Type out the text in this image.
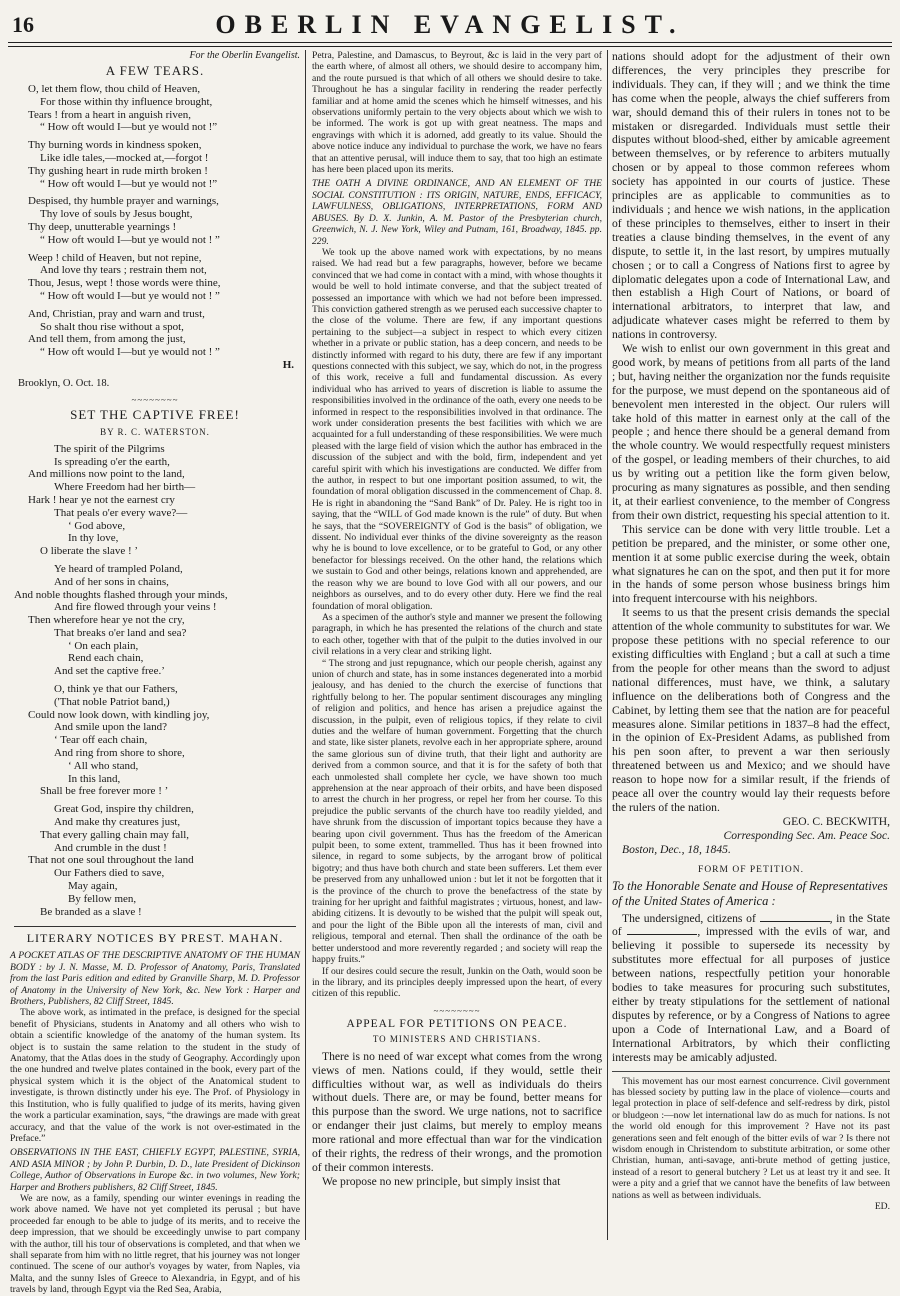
16	OBERLIN EVANGELIST.

For the Oberlin Evangelist.

A FEW TEARS.
O, let them flow, thou child of Heaven,
For those within thy influence brought,
Tears ! from a heart in anguish riven,
“ How oft would I—but ye would not !”
Thy burning words in kindness spoken,
Like idle tales,—mocked at,—forgot !
Thy gushing heart in rude mirth broken !
“ How oft would I—but ye would not !”
Despised, thy humble prayer and warnings,
Thy love of souls by Jesus bought,
Thy deep, unutterable yearnings !
“ How oft would I—but ye would not ! ”
Weep ! child of Heaven, but not repine,
And love thy tears ; restrain them not,
Thou, Jesus, wept ! those words were thine,
“ How oft would I—but ye would not ! ”
And, Christian, pray and warn and trust,
So shalt thou rise without a spot,
And tell them, from among the just,
“ How oft would I—but ye would not ! ”
H.

Brooklyn, O. Oct. 18.

~~~~~~~~
SET THE CAPTIVE FREE!
BY R. C. WATERSTON.
The spirit of the Pilgrims
Is spreading o'er the earth,
And millions now point to the land,
Where Freedom had her birth—
Hark ! hear ye not the earnest cry
That peals o'er every wave?—
‘ God above,
In thy love,
O liberate the slave ! ’
Ye heard of trampled Poland,
And of her sons in chains,
And noble thoughts flashed through your minds,
And fire flowed through your veins !
Then wherefore hear ye not the cry,
That breaks o'er land and sea?
‘ On each plain,
Rend each chain,
And set the captive free.’
O, think ye that our Fathers,
('That noble Patriot band,)
Could now look down, with kindling joy,
And smile upon the land?
‘ Tear off each chain,
And ring from shore to shore,
‘ All who stand,
In this land,
Shall be free forever more ! ’
Great God, inspire thy children,
And make thy creatures just,
That every galling chain may fall,
And crumble in the dust !
That not one soul throughout the land
Our Fathers died to save,
May again,
By fellow men,
Be branded as a slave !
LITERARY NOTICES BY PREST. MAHAN.

A POCKET ATLAS OF THE DESCRIPTIVE ANATOMY OF THE HUMAN BODY : by J. N. Masse, M. D. Professor of Anatomy, Paris, Translated from the last Paris edition and edited by Granville Sharp, M. D. Professor of Anatomy in the University of New York, &c. New York : Harper and Brothers, Publishers, 82 Cliff Street, 1845.

The above work, as intimated in the preface, is designed for the special benefit of Physicians, students in Anatomy and all others who wish to obtain a scientific knowledge of the anatomy of the human system. Its object is to sustain the same relation to the student in the study of Anatomy, that the Atlas does in the study of Geography. Accordingly upon the one hundred and twelve plates contained in the book, every part of the physical system which it is the object of the Anatomical student to investigate, is thrown distinctly under his eye. The Prof. of Physiology in this Institution, who is fully qualified to judge of its merits, having given the work a particular examination, says, “the drawings are made with great accuracy, and that the value of the work is not over-estimated in the Preface.”

OBSERVATIONS IN THE EAST, CHIEFLY EGYPT, PALESTINE, SYRIA, AND ASIA MINOR ; by John P. Durbin, D. D., late President of Dickinson College, Author of Observations in Europe &c. in two volumes, New York; Harper and Brothers publishers, 82 Cliff Street, 1845.

We are now, as a family, spending our winter evenings in reading the work above named. We have not yet completed its perusal ; but have proceeded far enough to be able to judge of its merits, and to receive the deep impression, that we should be exceedingly unwise to part company with the author, till his tour of observations is completed, and that when we shall separate from him with no little regret, that his journey was not longer continued. The scene of our author's voyages by water, from Naples, via Malta, and the sunny Isles of Greece to Alexandria, in Egypt, and of his travels by land, through Egypt via the Red Sea, Arabia,

Petra, Palestine, and Damascus, to Beyrout, &c is laid in the very part of the earth where, of almost all others, we should desire to accompany him, and the route pursued is that which of all others we should desire to take. Throughout he has a singular facility in rendering the reader perfectly familiar and at home amid the scenes which he himself witnesses, and his observations uniformly pertain to the very objects about which we wish to be informed. The work is got up with great neatness. The maps and engravings with which it is adorned, add greatly to its value. Should the above notice induce any individual to purchase the work, we have no fears that an attentive perusal, will induce them to say, that too high an estimate has here been placed upon its merits.

THE OATH A DIVINE ORDINANCE, AND AN ELEMENT OF THE SOCIAL CONSTITUTION : ITS ORIGIN, NATURE, ENDS, EFFICACY, LAWFULNESS, OBLIGATIONS, INTERPRETATIONS, FORM AND ABUSES. By D. X. Junkin, A. M. Pastor of the Presbyterian church, Greenwich, N. J. New York, Wiley and Putnam, 161, Broadway, 1845. pp. 229.

We took up the above named work with expectations, by no means raised. We had read but a few paragraphs, however, before we became convinced that we had come in contact with a mind, with whose thoughts it would be well to hold intimate converse, and that the subject treated of possessed an importance with which we had not before been impressed. This conviction gathered strength as we perused each successive chapter to the close of the volume. There are few, if any important questions pertaining to the subject—a subject in respect to which every citizen whether in a private or public station, has a deep concern, and needs to be distinctly informed with regard to his duty, there are few if any important questions connected with this subject, we say, which do not, in the progress of this work, receive a full and fundamental discussion. As every individual who has arrived to years of discretion is liable to assume the responsibilities involved in the ordinance of the oath, every one needs to be informed in respect to the responsibilities involved in that ordinance. The work under consideration presents the best facilities with which we are acquainted for a full understanding of these responsibilities. We were much pleased with the large field of vision which the author has embraced in the discussion of the subject and with the bold, firm, independent and yet careful spirit with which his investigations are conducted. We differ from the author, in respect to but one important position assumed, to wit, the foundation of moral obligation discussed in the commencement of Chap. 8. He is right in abandoning the “Sand Bank” of Dr. Paley. He is right too in saying, that the “WILL of God made known is the rule” of duty. But when he says, that the “SOVEREIGNTY of God is the basis” of obligation, we dissent. No individual ever thinks of the divine sovereignty as the reason why he is bound to love excellence, or to be grateful to God, or any other benefactor for blessings received. On the other hand, the relations which we sustain to God and other beings, relations known and apprehended, are the reason why we are bound to love God with all our powers, and our neighbors as ourselves, and to do every other duty. Here we find the real foundation of moral obligation.

As a specimen of the author's style and manner we present the following paragraph, in which he has presented the relations of the church and state to each other, together with that of the pulpit to the duties involved in our civil relations in a very clear and striking light.

“ The strong and just repugnance, which our people cherish, against any union of church and state, has in some instances degenerated into a morbid jealousy, and has denied to the church the exercise of functions that rightfully belong to her. The popular sentiment discourages any mingling of religion and politics, and hence has arisen a prejudice against the discussion, in the pulpit, even of religious topics, if they relate to civil duties and the welfare of human government. Forgetting that the church and state, like sister planets, revolve each in her appropriate sphere, around the same glorious sun of divine truth, that their light and authority are derived from a common source, and that it is for the safety of both that each unmolested shall complete her cycle, we have shown too much apprehension at the near approach of their orbits, and have been disposed to arrest the church in her progress, or repel her from her course. To this prejudice the public servants of the church have too readily yielded, and have shrunk from the discussion of important topics because they have a bearing upon civil government. Thus has the freedom of the American pulpit been, to some extent, trammelled. Thus has it been frowned into silence, in regard to some subjects, by the arrogant brow of political bigotry; and thus have both church and state been sufferers. Let them ever be preserved from any unhallowed union : but let it not be forgotten that it is the province of the church to prove the benefactress of the state by training for her upright and faithful magistrates ; virtuous, honest, and law-abiding citizens. It is devoutly to be wished that the pulpit will speak out, and pour the light of the Bible upon all the interests of man, civil and religious, temporal and eternal. Then shall the ordinance of the oath be better understood and more reverently regarded ; and society will reap the happy fruits.”

If our desires could secure the result, Junkin on the Oath, would soon be in the library, and its principles deeply impressed upon the heart, of every citizen of this republic.

~~~~~~~~
APPEAL FOR PETITIONS ON PEACE.
TO MINISTERS AND CHRISTIANS.

There is no need of war except what comes from the wrong views of men. Nations could, if they would, settle their difficulties without war, as well as individuals do theirs without duels. There are, or may be found, better means for this purpose than the sword. We urge nations, not to sacrifice or endanger their just claims, but merely to employ means more rational and more effectual than war for the vindication of their rights, the redress of their wrongs, and the promotion of their common interests.

We propose no new principle, but simply insist that

nations should adopt for the adjustment of their own differences, the very principles they prescribe for individuals. They can, if they will ; and we think the time has come when the people, always the chief sufferers from war, should demand this of their rulers in tones not to be mistaken or disregarded. Individuals must settle their disputes without blood-shed, either by amicable agreement between themselves, or by reference to arbiters mutually chosen or by appeal to those common referees whom society has appointed in our courts of justice. These principles are as applicable to communities as to individuals ; and hence we wish nations, in the application of these principles to themselves, either to insert in their treaties a clause binding themselves, in the event of any dispute, to settle it, in the last resort, by umpires mutually chosen ; or to call a Congress of Nations first to agree by diplomatic delegates upon a code of International Law, and then establish a High Court of Nations, or board of international arbitrators, to interpret that law, and adjudicate whatever cases might be referred to them by nations in controversy.

We wish to enlist our own government in this great and good work, by means of petitions from all parts of the land ; but, having neither the organization nor the funds requisite for the purpose, we must depend on the spontaneous aid of benevolent men interested in the object. Our rulers will take hold of this matter in earnest only at the call of the people ; and hence there should be a general demand from the whole country. We would respectfully request ministers of the gospel, or leading members of their churches, to aid us by writing out a petition like the form given below, procuring as many signatures as possible, and then sending it, at their earliest convenience, to the member of Congress from their own district, requesting his special attention to it.

This service can be done with very little trouble. Let a petition be prepared, and the minister, or some other one, mention it at some public exercise during the week, obtain what signatures he can on the spot, and then put it for more in the hands of some person whose business brings him into frequent intercourse with his neighbors.

It seems to us that the present crisis demands the special attention of the whole community to substitutes for war. We propose these petitions with no special reference to our existing difficulties with England ; but a call at such a time from the people for other means than the sword to adjust national differences, must have, we think, a salutary influence on the deliberations both of Congress and the Cabinet, by letting them see that the nation are for peaceful measures alone. Similar petitions in 1837–8 had the effect, in the opinion of Ex-President Adams, as published from his pen soon after, to prevent a war then seriously threatened between us and Mexico; and we should have reason to hope now for a similar result, if the friends of peace all over the country would lay their requests before the rulers of the nation.

GEO. C. BECKWITH,

Corresponding Sec. Am. Peace Soc.

Boston, Dec., 18, 1845.

FORM OF PETITION.

To the Honorable Senate and House of Representatives of the United States of America :

The undersigned, citizens of	, in the State of	, impressed with the evils of war, and believing it possible to supersede its necessity by substitutes more effectual for all purposes of justice between nations, respectfully petition your honorable bodies to take measures for procuring such substitutes, either by treaty stipulations for the settlement of national disputes by reference, or by a Congress of Nations to agree upon a Code of International Law, and a Board of International Arbitrators, by which their conflicting interests may be amicably adjusted.

This movement has our most earnest concurrence. Civil government has blessed society by putting law in the place of violence—courts and legal protection in place of self-defence and self-redress by dirk, pistol or bludgeon :—now let international law do as much for nations. Is not the world old enough for this improvement ? Have not its past generations seen and felt enough of the bitter evils of war ? Is there not wisdom enough in Christendom to substitute arbitration, or some other Christian, human, anti-savage, anti-brute method of getting justice, instead of a resort to general butchery ? Let us at least try it and see. It were a pity and a grief that we cannot have the benefits of law between nations as well as between individuals.

ED.
